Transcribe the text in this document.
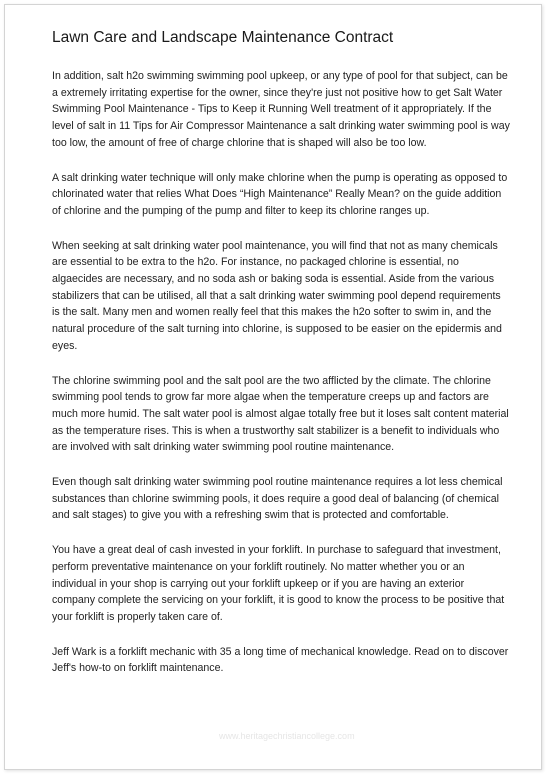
Lawn Care and Landscape Maintenance Contract

In addition, salt h2o swimming swimming pool upkeep, or any type of pool for that subject, can be a extremely irritating expertise for the owner, since they're just not positive how to get Salt Water Swimming Pool Maintenance - Tips to Keep it Running Well treatment of it appropriately. If the level of salt in 11 Tips for Air Compressor Maintenance a salt drinking water swimming pool is way too low, the amount of free of charge chlorine that is shaped will also be too low.

A salt drinking water technique will only make chlorine when the pump is operating as opposed to chlorinated water that relies What Does “High Maintenance” Really Mean? on the guide addition of chlorine and the pumping of the pump and filter to keep its chlorine ranges up.

When seeking at salt drinking water pool maintenance, you will find that not as many chemicals are essential to be extra to the h2o. For instance, no packaged chlorine is essential, no algaecides are necessary, and no soda ash or baking soda is essential. Aside from the various stabilizers that can be utilised, all that a salt drinking water swimming pool depend requirements is the salt. Many men and women really feel that this makes the h2o softer to swim in, and the natural procedure of the salt turning into chlorine, is supposed to be easier on the epidermis and eyes.

The chlorine swimming pool and the salt pool are the two afflicted by the climate. The chlorine swimming pool tends to grow far more algae when the temperature creeps up and factors are much more humid. The salt water pool is almost algae totally free but it loses salt content material as the temperature rises. This is when a trustworthy salt stabilizer is a benefit to individuals who are involved with salt drinking water swimming pool routine maintenance.

Even though salt drinking water swimming pool routine maintenance requires a lot less chemical substances than chlorine swimming pools, it does require a good deal of balancing (of chemical and salt stages) to give you with a refreshing swim that is protected and comfortable.

You have a great deal of cash invested in your forklift. In purchase to safeguard that investment, perform preventative maintenance on your forklift routinely. No matter whether you or an individual in your shop is carrying out your forklift upkeep or if you are having an exterior company complete the servicing on your forklift, it is good to know the process to be positive that your forklift is properly taken care of.

Jeff Wark is a forklift mechanic with 35 a long time of mechanical knowledge. Read on to discover Jeff's how-to on forklift maintenance.

www.heritagechristiancollege.com
